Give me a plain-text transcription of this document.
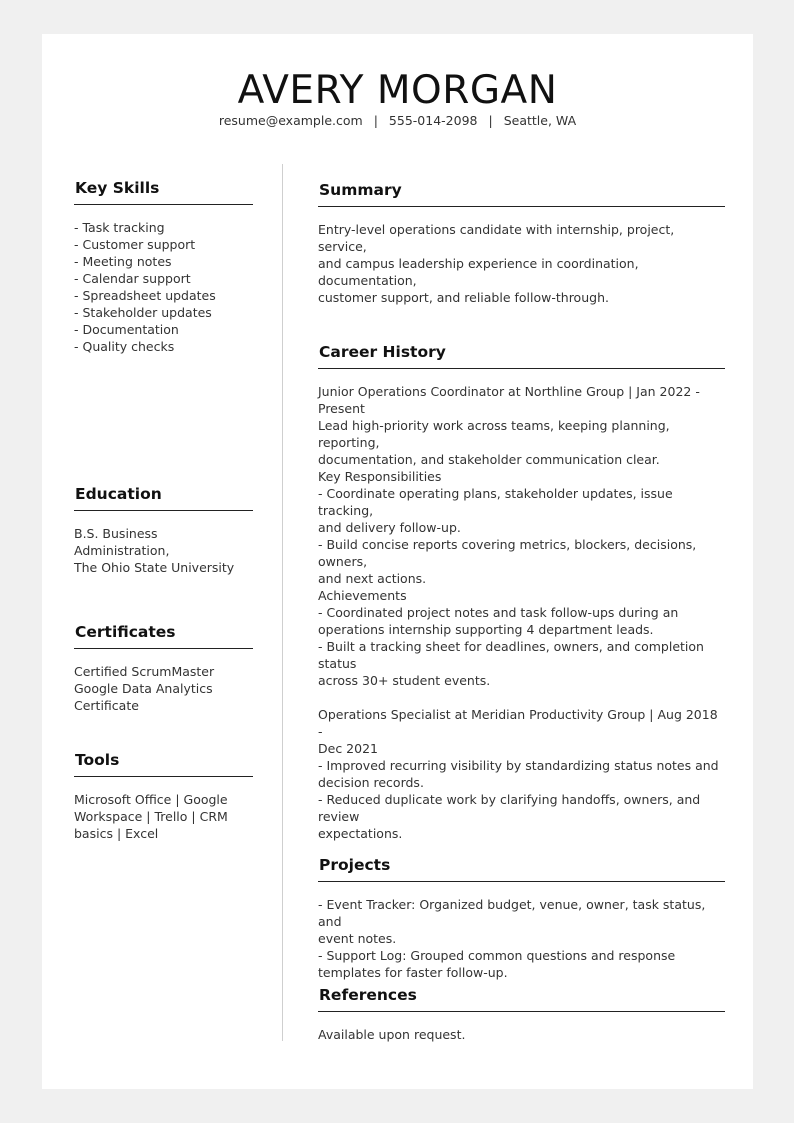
AVERY MORGAN
resume@example.com | 555-014-2098 | Seattle, WA
Key Skills
- Task tracking
- Customer support
- Meeting notes
- Calendar support
- Spreadsheet updates
- Stakeholder updates
- Documentation
- Quality checks
Education
B.S. Business Administration,
The Ohio State University
Certificates
Certified ScrumMaster
Google Data Analytics
Certificate
Tools
Microsoft Office | Google
Workspace | Trello | CRM
basics | Excel
Summary
Entry-level operations candidate with internship, project, service,
and campus leadership experience in coordination, documentation,
customer support, and reliable follow-through.
Career History
Junior Operations Coordinator at Northline Group | Jan 2022 -
Present
Lead high-priority work across teams, keeping planning, reporting,
documentation, and stakeholder communication clear.
Key Responsibilities
- Coordinate operating plans, stakeholder updates, issue tracking,
and delivery follow-up.
- Build concise reports covering metrics, blockers, decisions, owners,
and next actions.
Achievements
- Coordinated project notes and task follow-ups during an
operations internship supporting 4 department leads.
- Built a tracking sheet for deadlines, owners, and completion status
across 30+ student events.
Operations Specialist at Meridian Productivity Group | Aug 2018 -
Dec 2021
- Improved recurring visibility by standardizing status notes and
decision records.
- Reduced duplicate work by clarifying handoffs, owners, and review
expectations.
Projects
- Event Tracker: Organized budget, venue, owner, task status, and
event notes.
- Support Log: Grouped common questions and response
templates for faster follow-up.
References
Available upon request.
